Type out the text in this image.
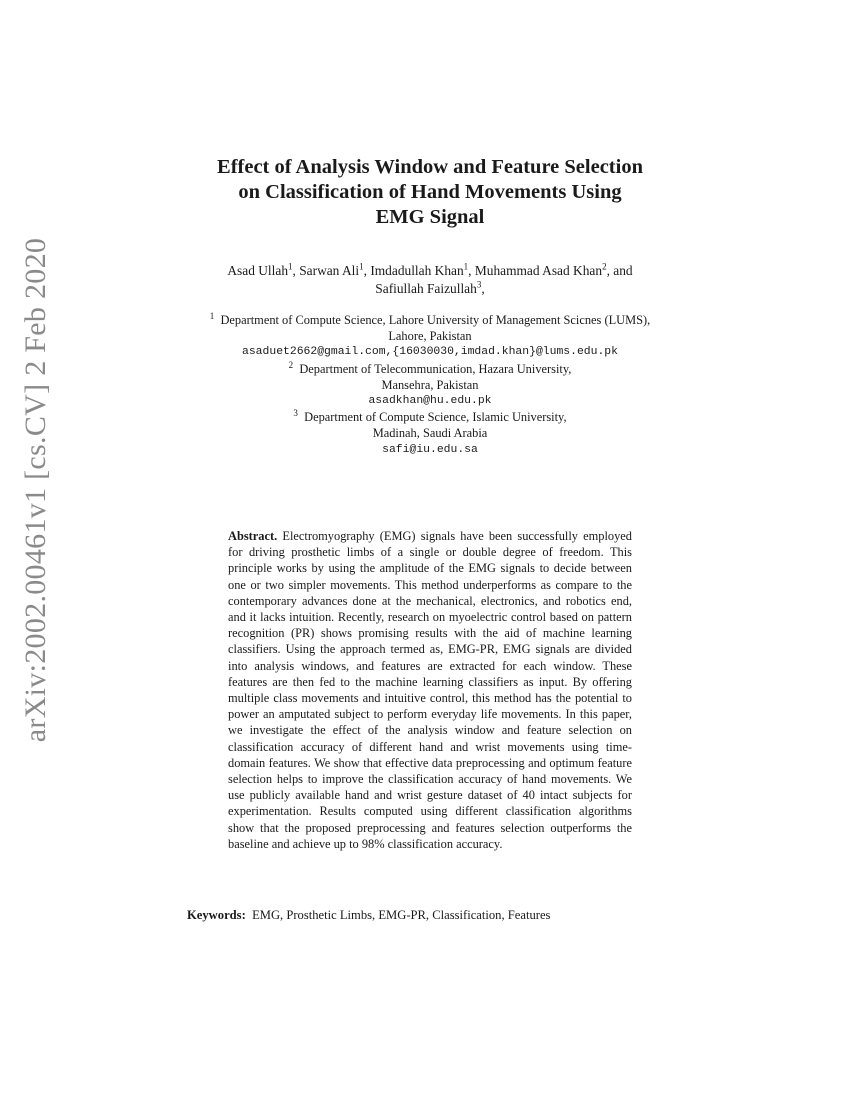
arXiv:2002.00461v1 [cs.CV] 2 Feb 2020
Effect of Analysis Window and Feature Selection
on Classification of Hand Movements Using
EMG Signal
Asad Ullah$^1$, Sarwan Ali$^1$, Imdadullah Khan$^1$, Muhammad Asad Khan$^2$, and
Safiullah Faizullah$^3$,
$^1$ Department of Compute Science, Lahore University of Management Scicnes (LUMS),
Lahore, Pakistan
asaduet2662@gmail.com,{16030030,imdad.khan}@lums.edu.pk
$^2$ Department of Telecommunication, Hazara University,
Mansehra, Pakistan
asadkhan@hu.edu.pk
$^3$ Department of Compute Science, Islamic University,
Madinah, Saudi Arabia
safi@iu.edu.sa
Abstract. Electromyography (EMG) signals have been successfully employed for driving prosthetic limbs of a single or double degree of freedom. This principle works by using the amplitude of the EMG signals to decide between one or two simpler movements. This method underperforms as compare to the contemporary advances done at the mechanical, electronics, and robotics end, and it lacks intuition. Recently, research on myoelectric control based on pattern recognition (PR) shows promising results with the aid of machine learning classifiers. Using the approach termed as, EMG-PR, EMG signals are divided into analysis windows, and features are extracted for each window. These features are then fed to the machine learning classifiers as input. By offering multiple class movements and intuitive control, this method has the potential to power an amputated subject to perform everyday life movements. In this paper, we investigate the effect of the analysis window and feature selection on classification accuracy of different hand and wrist movements using time-domain features. We show that effective data preprocessing and optimum feature selection helps to improve the classification accuracy of hand movements. We use publicly available hand and wrist gesture dataset of 40 intact subjects for experimentation. Results computed using different classification algorithms show that the proposed preprocessing and features selection outperforms the baseline and achieve up to 98% classification accuracy.
Keywords: EMG, Prosthetic Limbs, EMG-PR, Classification, Features
